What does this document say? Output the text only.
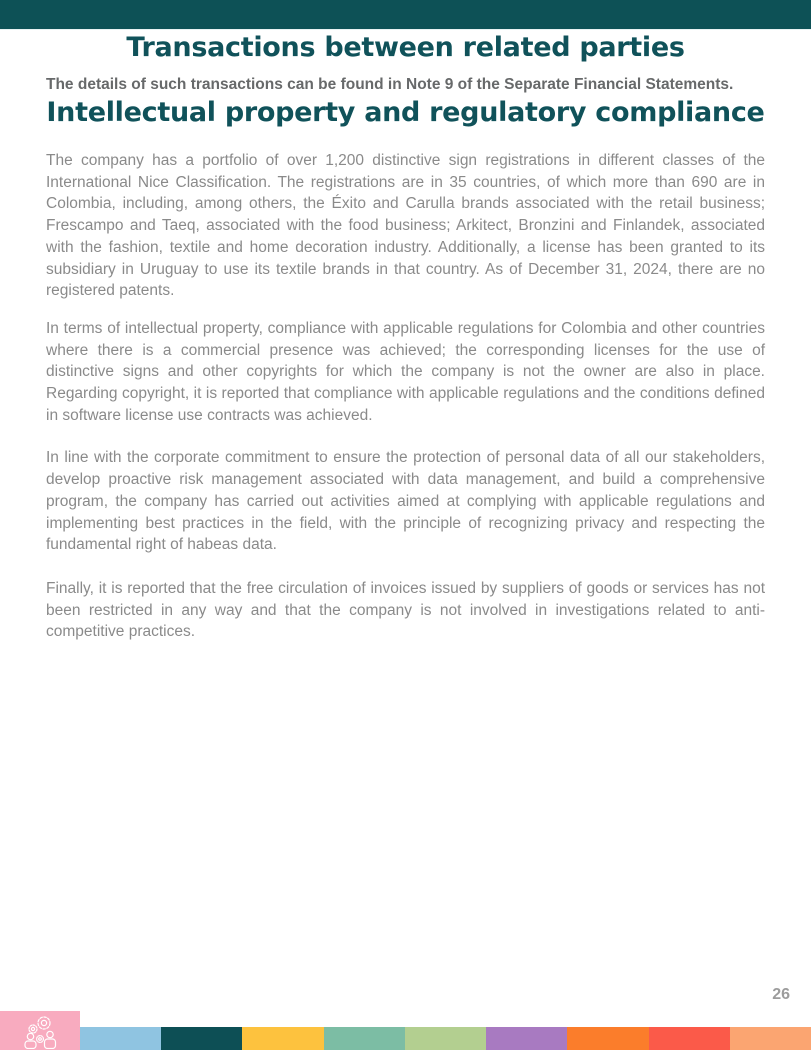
Transactions between related parties

The details of such transactions can be found in Note 9 of the Separate Financial Statements.

Intellectual property and regulatory compliance

The company has a portfolio of over 1,200 distinctive sign registrations in different classes of the International Nice Classification. The registrations are in 35 countries, of which more than 690 are in Colombia, including, among others, the Éxito and Carulla brands associated with the retail business; Frescampo and Taeq, associated with the food business; Arkitect, Bronzini and Finlandek, associated with the fashion, textile and home decoration industry. Additionally, a license has been granted to its subsidiary in Uruguay to use its textile brands in that country. As of December 31, 2024, there are no registered patents.

In terms of intellectual property, compliance with applicable regulations for Colombia and other countries where there is a commercial presence was achieved; the corresponding licenses for the use of distinctive signs and other copyrights for which the company is not the owner are also in place. Regarding copyright, it is reported that compliance with applicable regulations and the conditions defined in software license use contracts was achieved.

In line with the corporate commitment to ensure the protection of personal data of all our stakeholders, develop proactive risk management associated with data management, and build a comprehensive program, the company has carried out activities aimed at complying with applicable regulations and implementing best practices in the field, with the principle of recognizing privacy and respecting the fundamental right of habeas data.

Finally, it is reported that the free circulation of invoices issued by suppliers of goods or services has not been restricted in any way and that the company is not involved in investigations related to anti-competitive practices.

26
